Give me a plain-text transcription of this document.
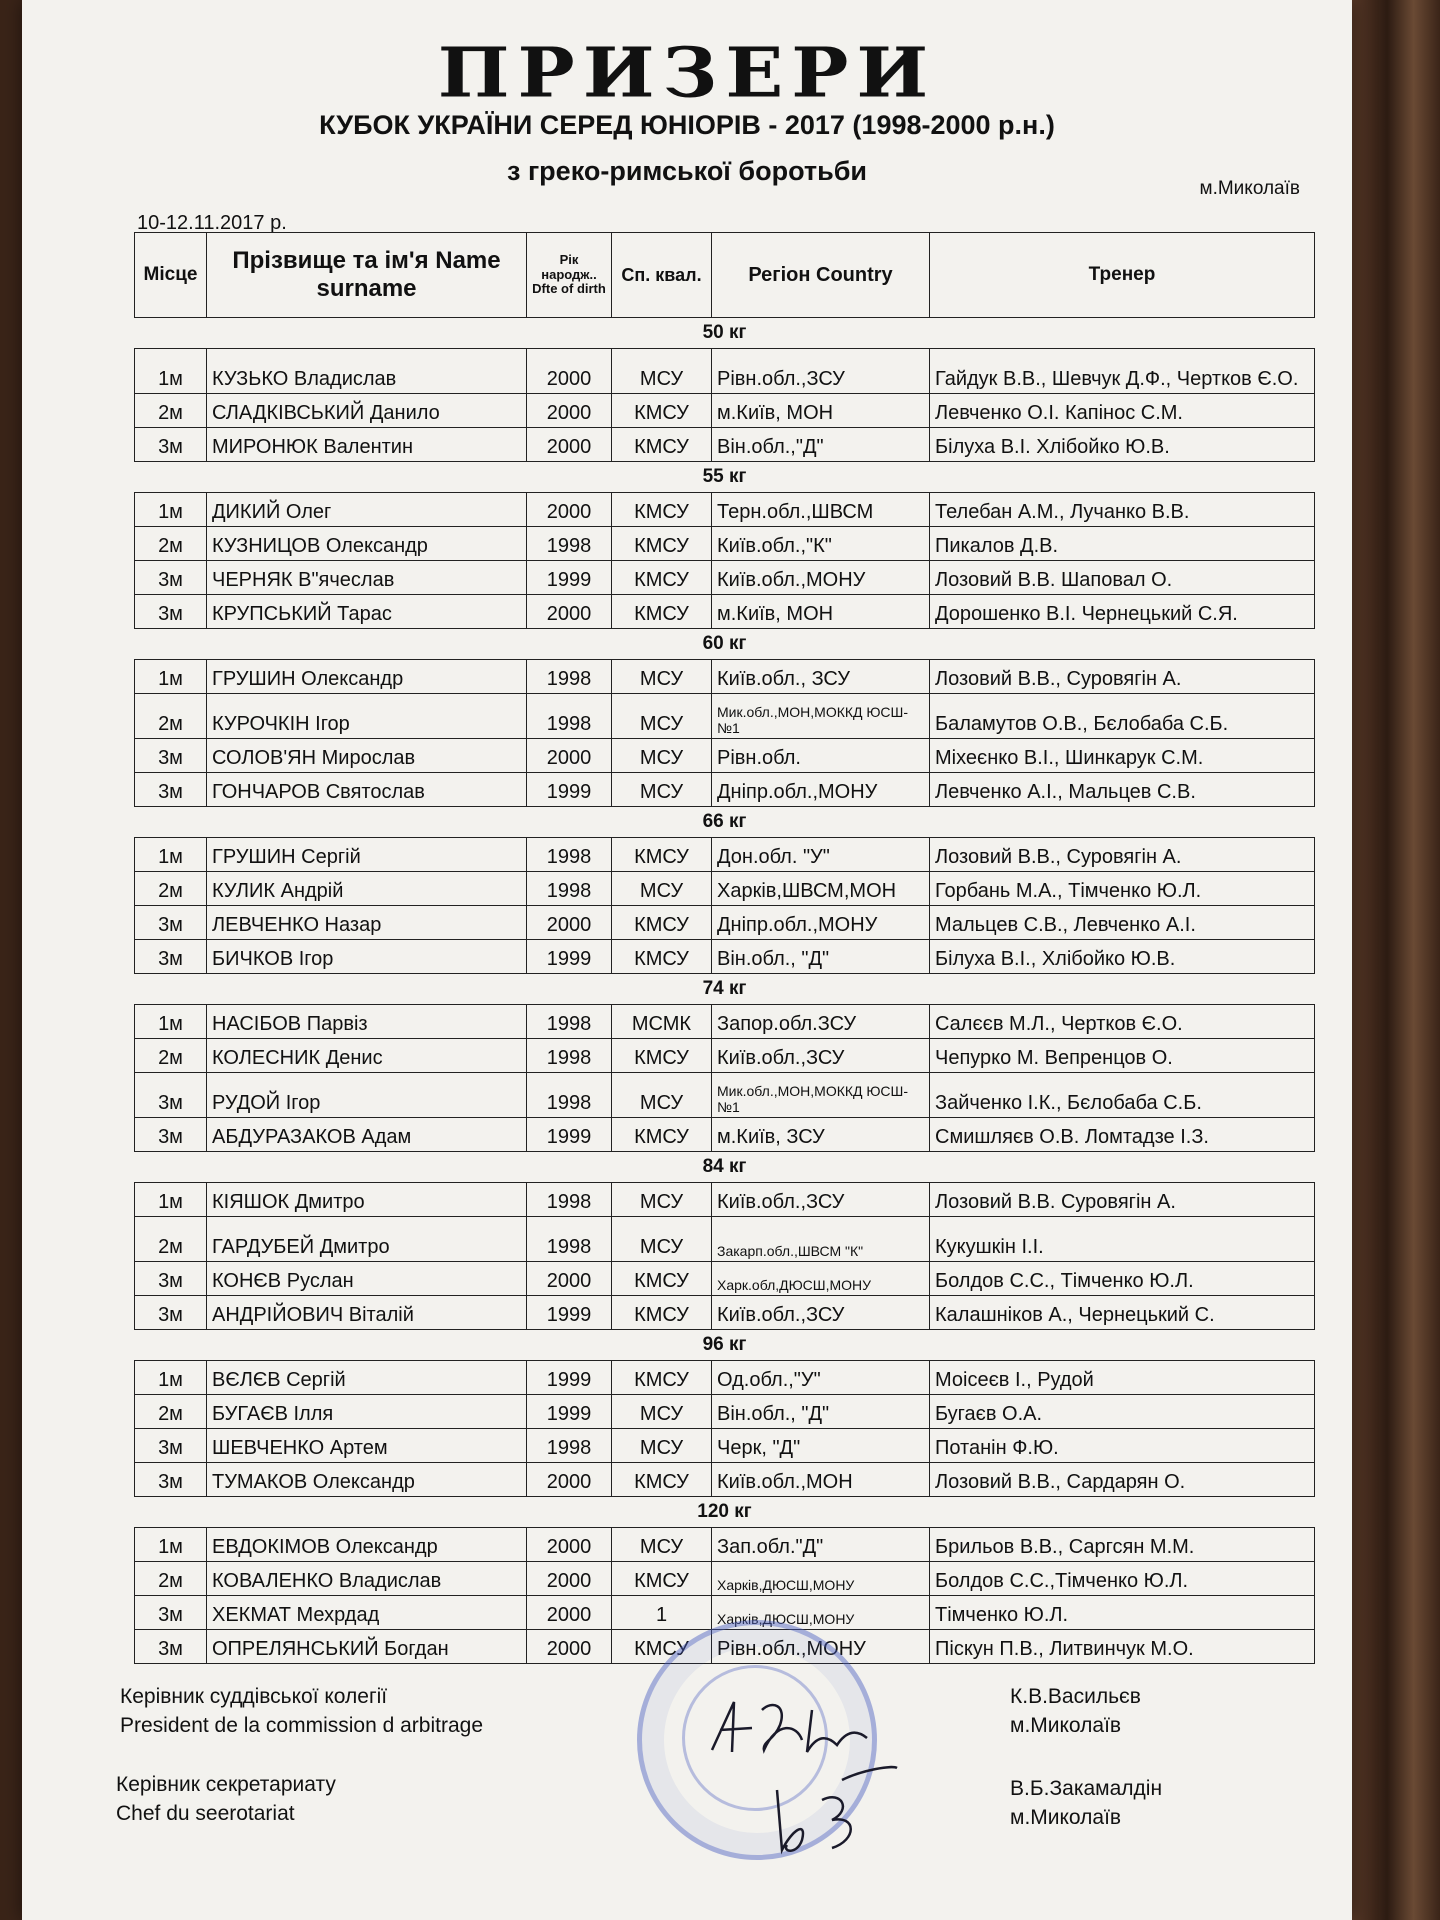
ПРИЗЕРИ
КУБОК УКРАЇНИ СЕРЕД ЮНІОРІВ - 2017 (1998-2000 р.н.)
з греко-римської боротьби
м.Миколаїв
10-12.11.2017 р.
Місце	Прізвище та ім'я Name surname	Рік народж.. Dfte of dirth	Сп. квал.	Регіон Country	Тренер
50 кг					
1м	КУЗЬКО Владислав	2000	МСУ	Рівн.обл.,ЗСУ	Гайдук В.В., Шевчук Д.Ф., Чертков Є.О.
2м	СЛАДКІВСЬКИЙ Данило	2000	КМСУ	м.Київ, МОН	Левченко О.І. Капінос С.М.
3м	МИРОНЮК Валентин	2000	КМСУ	Він.обл.,"Д"	Білуха В.І. Хлібойко Ю.В.
55 кг					
1м	ДИКИЙ Олег	2000	КМСУ	Терн.обл.,ШВСМ	Телебан А.М., Лучанко В.В.
2м	КУЗНИЦОВ Олександр	1998	КМСУ	Київ.обл.,"К"	Пикалов Д.В.
3м	ЧЕРНЯК В"ячеслав	1999	КМСУ	Київ.обл.,МОНУ	Лозовий В.В. Шаповал О.
3м	КРУПСЬКИЙ Тарас	2000	КМСУ	м.Київ, МОН	Дорошенко В.І. Чернецький С.Я.
60 кг					
1м	ГРУШИН Олександр	1998	МСУ	Київ.обл., ЗСУ	Лозовий В.В., Суровягін А.
2м	КУРОЧКІН Ігор	1998	МСУ	Мик.обл.,МОН,МОККД ЮСШ-№1	Баламутов О.В., Бєлобаба С.Б.
3м	СОЛОВ'ЯН Мирослав	2000	МСУ	Рівн.обл.	Міхеєнко В.І., Шинкарук С.М.
3м	ГОНЧАРОВ Святослав	1999	МСУ	Дніпр.обл.,МОНУ	Левченко А.І., Мальцев С.В.
66 кг					
1м	ГРУШИН Сергій	1998	КМСУ	Дон.обл. "У"	Лозовий В.В., Суровягін А.
2м	КУЛИК Андрій	1998	МСУ	Харків,ШВСМ,МОН	Горбань М.А., Тімченко Ю.Л.
3м	ЛЕВЧЕНКО Назар	2000	КМСУ	Дніпр.обл.,МОНУ	Мальцев С.В., Левченко А.І.
3м	БИЧКОВ Ігор	1999	КМСУ	Він.обл., "Д"	Білуха В.І., Хлібойко Ю.В.
74 кг					
1м	НАСІБОВ Парвіз	1998	МСМК	Запор.обл.ЗСУ	Салєєв М.Л., Чертков Є.О.
2м	КОЛЕСНИК Денис	1998	КМСУ	Київ.обл.,ЗСУ	Чепурко М. Вепренцов О.
3м	РУДОЙ Ігор	1998	МСУ	Мик.обл.,МОН,МОККД ЮСШ-№1	Зайченко І.К., Бєлобаба С.Б.
3м	АБДУРАЗАКОВ Адам	1999	КМСУ	м.Київ, ЗСУ	Смишляєв О.В. Ломтадзе І.З.
84 кг					
1м	КІЯШОК Дмитро	1998	МСУ	Київ.обл.,ЗСУ	Лозовий В.В. Суровягін А.
2м	ГАРДУБЕЙ Дмитро	1998	МСУ	Закарп.обл.,ШВСМ "К"	Кукушкін І.І.
3м	КОНЄВ Руслан	2000	КМСУ	Харк.обл,ДЮСШ,МОНУ	Болдов С.С., Тімченко Ю.Л.
3м	АНДРІЙОВИЧ Віталій	1999	КМСУ	Київ.обл.,ЗСУ	Калашніков А., Чернецький С.
96 кг					
1м	ВЄЛЄВ Сергій	1999	КМСУ	Од.обл.,"У"	Моісеєв І., Рудой
2м	БУГАЄВ Ілля	1999	МСУ	Він.обл., "Д"	Бугаєв О.А.
3м	ШЕВЧЕНКО Артем	1998	МСУ	Черк, "Д"	Потанін Ф.Ю.
3м	ТУМАКОВ Олександр	2000	КМСУ	Київ.обл.,МОН	Лозовий В.В., Сардарян О.
120 кг					
1м	ЕВДОКІМОВ Олександр	2000	МСУ	Зап.обл."Д"	Брильов В.В., Саргсян М.М.
2м	КОВАЛЕНКО Владислав	2000	КМСУ	Харків,ДЮСШ,МОНУ	Болдов С.С.,Тімченко Ю.Л.
3м	ХЕКМАТ Мехрдад	2000	1	Харків,ДЮСШ,МОНУ	Тімченко Ю.Л.
3м	ОПРЕЛЯНСЬКИЙ Богдан	2000	КМСУ	Рівн.обл.,МОНУ	Піскун П.В., Литвинчук М.О.
Керівник суддівської колегії
President de la commission d arbitrage
К.В.Васильєв
м.Миколаїв
Керівник секретариату
Chef du seerotariat
В.Б.Закамалдін
м.Миколаїв
